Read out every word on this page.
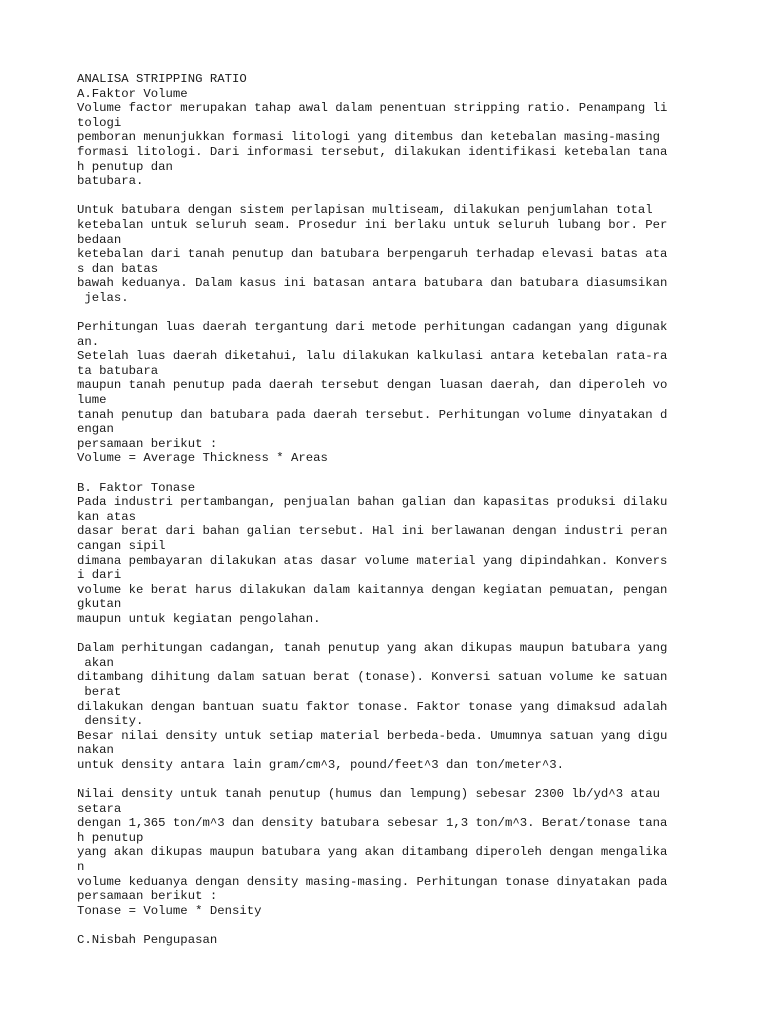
ANALISA STRIPPING RATIO
A.Faktor Volume
Volume factor merupakan tahap awal dalam penentuan stripping ratio. Penampang li
tologi
pemboran menunjukkan formasi litologi yang ditembus dan ketebalan masing-masing
formasi litologi. Dari informasi tersebut, dilakukan identifikasi ketebalan tana
h penutup dan
batubara.
Untuk batubara dengan sistem perlapisan multiseam, dilakukan penjumlahan total
ketebalan untuk seluruh seam. Prosedur ini berlaku untuk seluruh lubang bor. Per
bedaan
ketebalan dari tanah penutup dan batubara berpengaruh terhadap elevasi batas ata
s dan batas
bawah keduanya. Dalam kasus ini batasan antara batubara dan batubara diasumsikan
jelas.
Perhitungan luas daerah tergantung dari metode perhitungan cadangan yang digunak
an.
Setelah luas daerah diketahui, lalu dilakukan kalkulasi antara ketebalan rata-ra
ta batubara
maupun tanah penutup pada daerah tersebut dengan luasan daerah, dan diperoleh vo
lume
tanah penutup dan batubara pada daerah tersebut. Perhitungan volume dinyatakan d
engan
persamaan berikut :
Volume = Average Thickness * Areas
B. Faktor Tonase
Pada industri pertambangan, penjualan bahan galian dan kapasitas produksi dilaku
kan atas
dasar berat dari bahan galian tersebut. Hal ini berlawanan dengan industri peran
cangan sipil
dimana pembayaran dilakukan atas dasar volume material yang dipindahkan. Konvers
i dari
volume ke berat harus dilakukan dalam kaitannya dengan kegiatan pemuatan, pengan
gkutan
maupun untuk kegiatan pengolahan.
Dalam perhitungan cadangan, tanah penutup yang akan dikupas maupun batubara yang
akan
ditambang dihitung dalam satuan berat (tonase). Konversi satuan volume ke satuan
berat
dilakukan dengan bantuan suatu faktor tonase. Faktor tonase yang dimaksud adalah
density.
Besar nilai density untuk setiap material berbeda-beda. Umumnya satuan yang digu
nakan
untuk density antara lain gram/cm^3, pound/feet^3 dan ton/meter^3.
Nilai density untuk tanah penutup (humus dan lempung) sebesar 2300 lb/yd^3 atau
setara
dengan 1,365 ton/m^3 dan density batubara sebesar 1,3 ton/m^3. Berat/tonase tana
h penutup
yang akan dikupas maupun batubara yang akan ditambang diperoleh dengan mengalika
n
volume keduanya dengan density masing-masing. Perhitungan tonase dinyatakan pada
persamaan berikut :
Tonase = Volume * Density
C.Nisbah Pengupasan
